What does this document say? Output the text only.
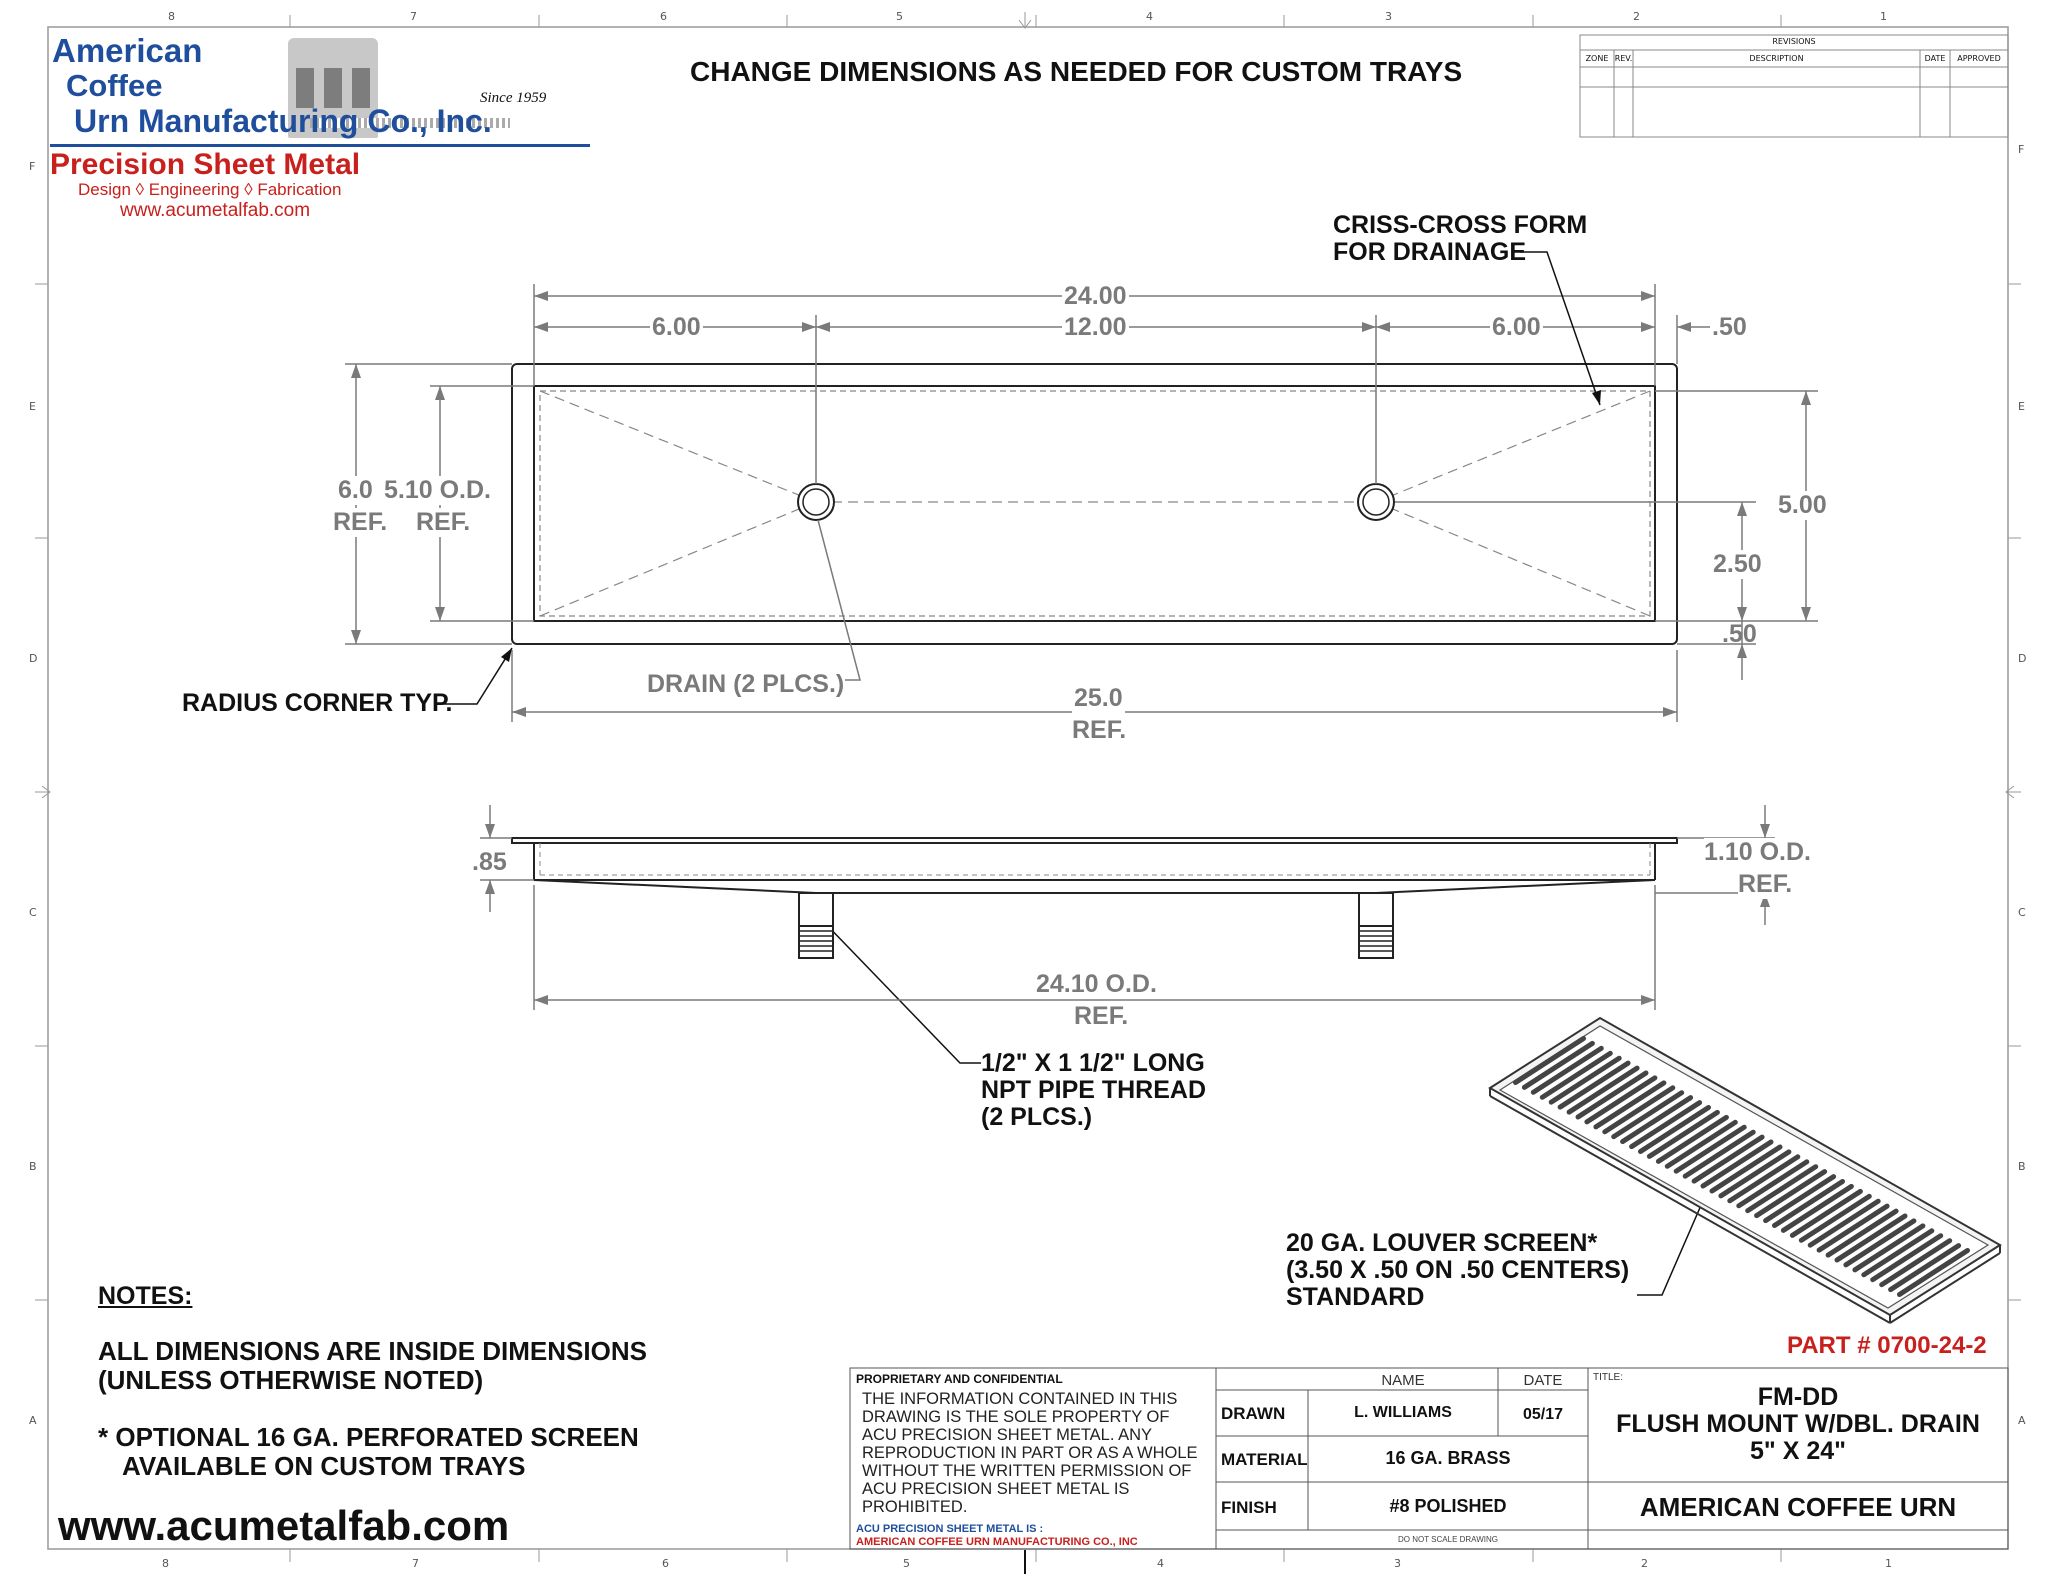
8	7	6	5	4	3	2	1
8	7	6	5	4	3	2	1
F
E
D
C
B
A
F
E
D
C
B
A
American
Coffee
Urn Manufacturing Co., Inc.
Since 1959
Precision Sheet Metal
Design ◊ Engineering ◊ Fabrication
www.acumetalfab.com
CHANGE DIMENSIONS AS NEEDED FOR CUSTOM TRAYS
REVISIONS
ZONE REV.	DESCRIPTION	DATE	APPROVED
24.00
6.00	12.00	6.00	.50
6.0
REF.
5.10 O.D.
REF.
5.00
2.50
.50
25.0
REF.
CRISS-CROSS FORM
FOR DRAINAGE
DRAIN (2 PLCS.)
RADIUS CORNER TYP.
.85	1.10 O.D.
REF.
24.10 O.D.
REF.
1/2" X 1 1/2" LONG
NPT PIPE THREAD
(2 PLCS.)
20 GA. LOUVER SCREEN*
(3.50 X .50 ON .50 CENTERS)
STANDARD
NOTES:
ALL DIMENSIONS ARE INSIDE DIMENSIONS
(UNLESS OTHERWISE NOTED)
* OPTIONAL 16 GA. PERFORATED SCREEN
AVAILABLE ON CUSTOM TRAYS
www.acumetalfab.com
PART # 0700-24-2
PROPRIETARY AND CONFIDENTIAL
THE INFORMATION CONTAINED IN THIS
DRAWING IS THE SOLE PROPERTY OF
ACU PRECISION SHEET METAL. ANY
REPRODUCTION IN PART OR AS A WHOLE
WITHOUT THE WRITTEN PERMISSION OF
ACU PRECISION SHEET METAL IS
PROHIBITED.
ACU PRECISION SHEET METAL IS :
AMERICAN COFFEE URN MANUFACTURING CO., INC
NAME	DATE
DRAWN	L. WILLIAMS	05/17
MATERIAL	16 GA. BRASS
FINISH	#8 POLISHED
DO NOT SCALE DRAWING
TITLE:
FM-DD
FLUSH MOUNT W/DBL. DRAIN
5" X 24"
AMERICAN COFFEE URN
